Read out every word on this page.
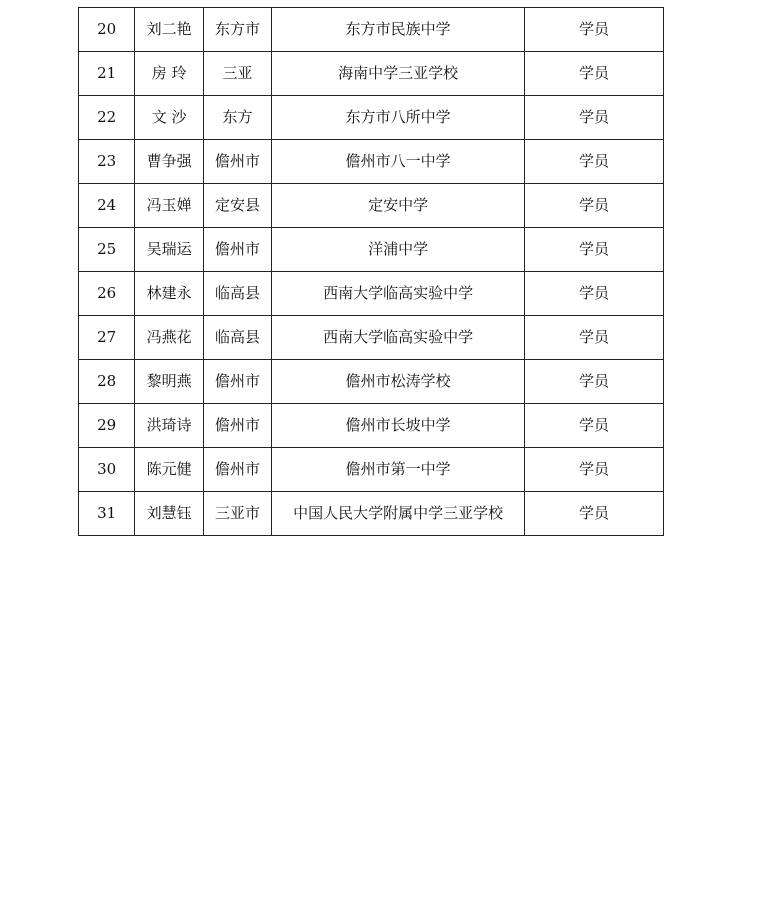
20	刘二艳	东方市	东方市民族中学	学员
21	房 玲	三亚	海南中学三亚学校	学员
22	文 沙	东方	东方市八所中学	学员
23	曹争强	儋州市	儋州市八一中学	学员
24	冯玉婵	定安县	定安中学	学员
25	吴瑞运	儋州市	洋浦中学	学员
26	林建永	临高县	西南大学临高实验中学	学员
27	冯燕花	临高县	西南大学临高实验中学	学员
28	黎明燕	儋州市	儋州市松涛学校	学员
29	洪琦诗	儋州市	儋州市长坡中学	学员
30	陈元健	儋州市	儋州市第一中学	学员
31	刘慧钰	三亚市	中国人民大学附属中学三亚学校	学员
